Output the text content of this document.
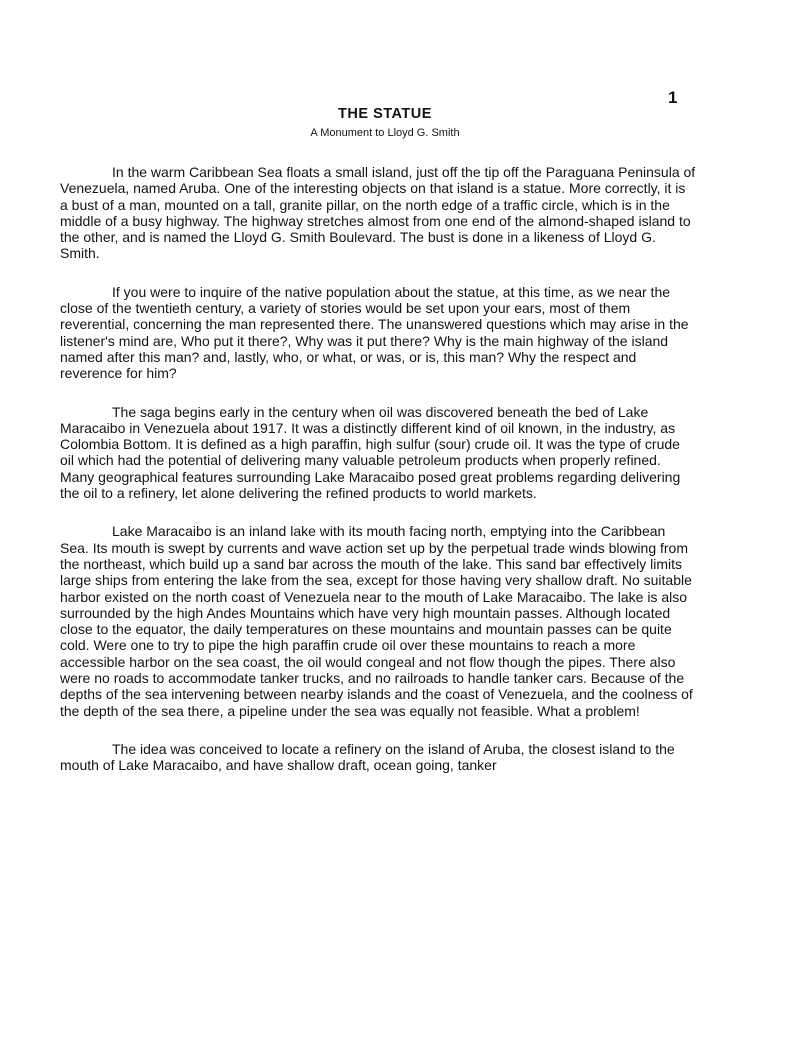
1
THE STATUE
A Monument to Lloyd G. Smith

In the warm Caribbean Sea floats a small island, just off the tip off the Paraguana Peninsula of Venezuela, named Aruba. One of the interesting objects on that island is a statue. More correctly, it is a bust of a man, mounted on a tall, granite pillar, on the north edge of a traffic circle, which is in the middle of a busy highway. The highway stretches almost from one end of the almond-shaped island to the other, and is named the Lloyd G. Smith Boulevard. The bust is done in a likeness of Lloyd G. Smith.

If you were to inquire of the native population about the statue, at this time, as we near the close of the twentieth century, a variety of stories would be set upon your ears, most of them reverential, concerning the man represented there. The unanswered questions which may arise in the listener's mind are, Who put it there?, Why was it put there? Why is the main highway of the island named after this man? and, lastly, who, or what, or was, or is, this man? Why the respect and reverence for him?

The saga begins early in the century when oil was discovered beneath the bed of Lake Maracaibo in Venezuela about 1917. It was a distinctly different kind of oil known, in the industry, as Colombia Bottom. It is defined as a high paraffin, high sulfur (sour) crude oil. It was the type of crude oil which had the potential of delivering many valuable petroleum products when properly refined. Many geographical features surrounding Lake Maracaibo posed great problems regarding delivering the oil to a refinery, let alone delivering the refined products to world markets.

Lake Maracaibo is an inland lake with its mouth facing north, emptying into the Caribbean Sea. Its mouth is swept by currents and wave action set up by the perpetual trade winds blowing from the northeast, which build up a sand bar across the mouth of the lake. This sand bar effectively limits large ships from entering the lake from the sea, except for those having very shallow draft. No suitable harbor existed on the north coast of Venezuela near to the mouth of Lake Maracaibo. The lake is also surrounded by the high Andes Mountains which have very high mountain passes. Although located close to the equator, the daily temperatures on these mountains and mountain passes can be quite cold. Were one to try to pipe the high paraffin crude oil over these mountains to reach a more accessible harbor on the sea coast, the oil would congeal and not flow though the pipes. There also were no roads to accommodate tanker trucks, and no railroads to handle tanker cars. Because of the depths of the sea intervening between nearby islands and the coast of Venezuela, and the coolness of the depth of the sea there, a pipeline under the sea was equally not feasible. What a problem!

The idea was conceived to locate a refinery on the island of Aruba, the closest island to the mouth of Lake Maracaibo, and have shallow draft, ocean going, tanker
